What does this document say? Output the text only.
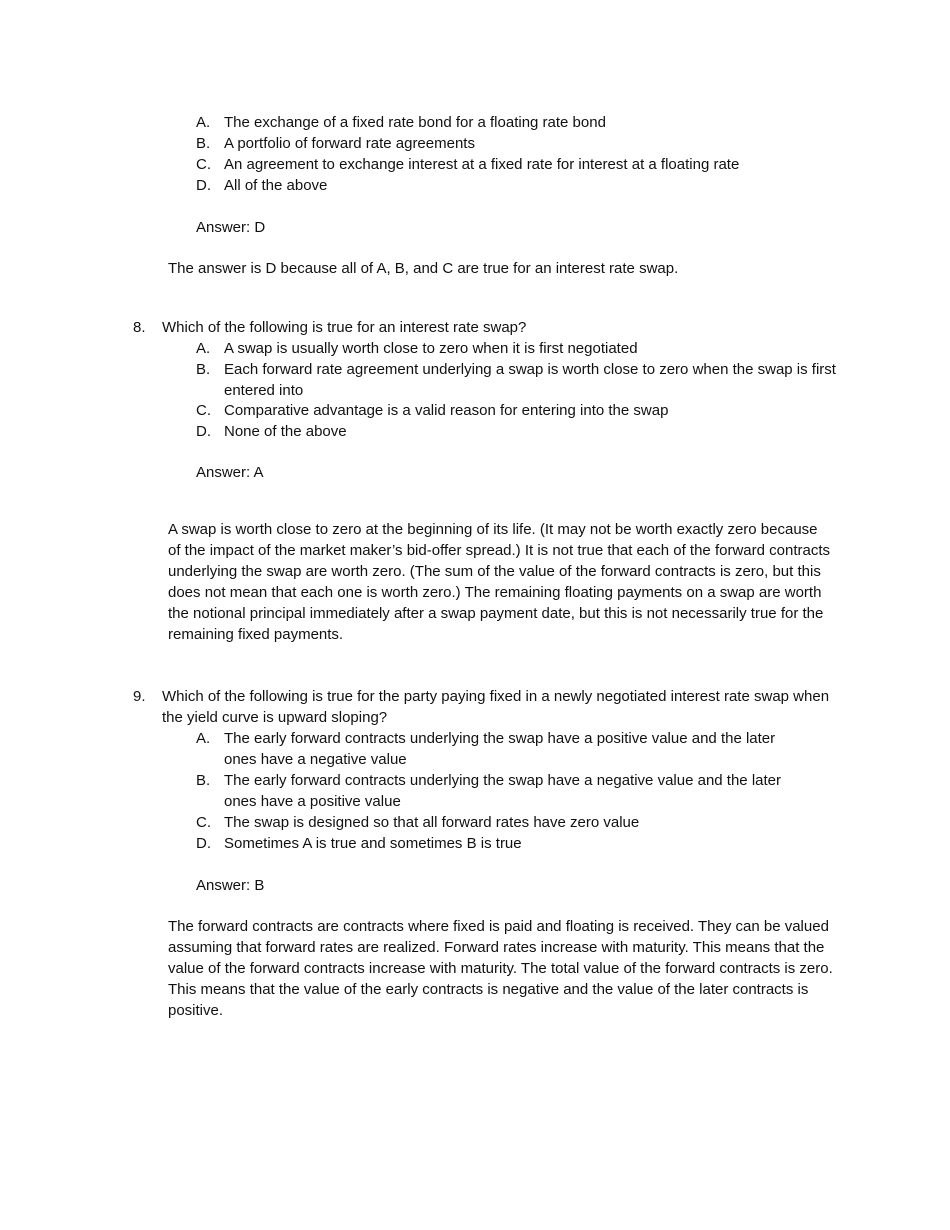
A. The exchange of a fixed rate bond for a floating rate bond
B. A portfolio of forward rate agreements
C. An agreement to exchange interest at a fixed rate for interest at a floating rate
D. All of the above
Answer: D
The answer is D because all of A, B, and C are true for an interest rate swap.
8.	Which of the following is true for an interest rate swap?
A. A swap is usually worth close to zero when it is first negotiated
B. Each forward rate agreement underlying a swap is worth close to zero when the swap is first entered into
C. Comparative advantage is a valid reason for entering into the swap
D. None of the above
Answer: A
A swap is worth close to zero at the beginning of its life. (It may not be worth exactly zero because of the impact of the market maker’s bid-offer spread.) It is not true that each of the forward contracts underlying the swap are worth zero. (The sum of the value of the forward contracts is zero, but this does not mean that each one is worth zero.) The remaining floating payments on a swap are worth the notional principal immediately after a swap payment date, but this is not necessarily true for the remaining fixed payments.
9.	Which of the following is true for the party paying fixed in a newly negotiated interest rate swap when the yield curve is upward sloping?
A. The early forward contracts underlying the swap have a positive value and the later ones have a negative value
B. The early forward contracts underlying the swap have a negative value and the later ones have a positive value
C. The swap is designed so that all forward rates have zero value
D. Sometimes A is true and sometimes B is true
Answer: B
The forward contracts are contracts where fixed is paid and floating is received. They can be valued assuming that forward rates are realized. Forward rates increase with maturity. This means that the value of the forward contracts increase with maturity. The total value of the forward contracts is zero. This means that the value of the early contracts is negative and the value of the later contracts is positive.
